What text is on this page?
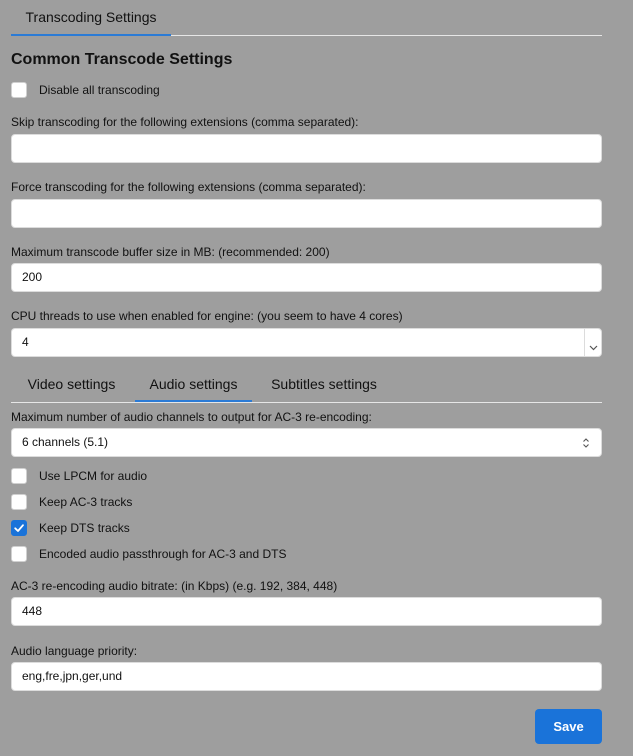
Transcoding Settings
Common Transcode Settings
Disable all transcoding
Skip transcoding for the following extensions (comma separated):
Force transcoding for the following extensions (comma separated):
Maximum transcode buffer size in MB: (recommended: 200)
200
CPU threads to use when enabled for engine: (you seem to have 4 cores)
4
Video settings	Audio settings	Subtitles settings
Maximum number of audio channels to output for AC-3 re-encoding:
6 channels (5.1)
Use LPCM for audio
Keep AC-3 tracks
Keep DTS tracks
Encoded audio passthrough for AC-3 and DTS
AC-3 re-encoding audio bitrate: (in Kbps) (e.g. 192, 384, 448)
448
Audio language priority:
eng,fre,jpn,ger,und
Save
